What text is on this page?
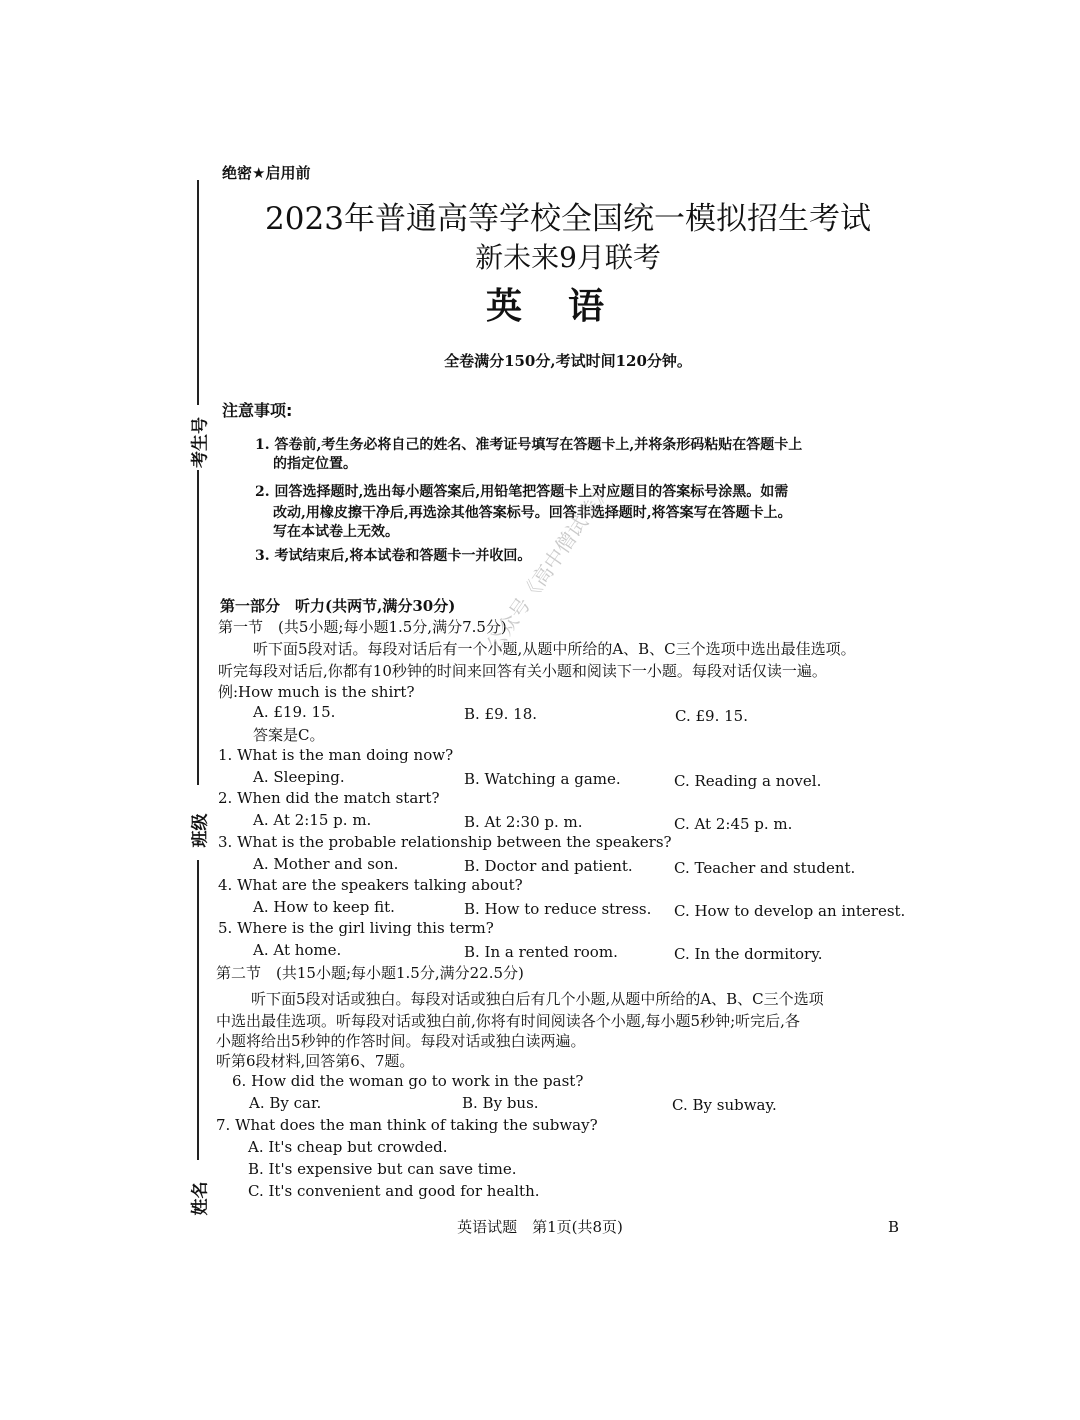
考生号
班级
姓名
绝密★启用前
2023年普通高等学校全国统一模拟招生考试
新未来9月联考
英语
全卷满分150分,考试时间120分钟。
注意事项:
1. 答卷前,考生务必将自己的姓名、准考证号填写在答题卡上,并将条形码粘贴在答题卡上
的指定位置。
2. 回答选择题时,选出每小题答案后,用铅笔把答题卡上对应题目的答案标号涂黑。如需
改动,用橡皮擦干净后,再选涂其他答案标号。回答非选择题时,将答案写在答题卡上。
写在本试卷上无效。
3. 考试结束后,将本试卷和答题卡一并收回。
第一部分　听力(共两节,满分30分)
第一节　(共5小题;每小题1.5分,满分7.5分)
听下面5段对话。每段对话后有一个小题,从题中所给的A、B、C三个选项中选出最佳选项。
听完每段对话后,你都有10秒钟的时间来回答有关小题和阅读下一小题。每段对话仅读一遍。
例:How much is the shirt?
A. £19. 15.	B. £9. 18.	C. £9. 15.
答案是C。
1. What is the man doing now?
A. Sleeping.	B. Watching a game.	C. Reading a novel.
2. When did the match start?
A. At 2:15 p. m.	B. At 2:30 p. m.	C. At 2:45 p. m.
3. What is the probable relationship between the speakers?
A. Mother and son.	B. Doctor and patient.	C. Teacher and student.
4. What are the speakers talking about?
A. How to keep fit.	B. How to reduce stress. C. How to develop an interest.
5. Where is the girl living this term?
A. At home.	B. In a rented room.	C. In the dormitory.
第二节　(共15小题;每小题1.5分,满分22.5分)
听下面5段对话或独白。每段对话或独白后有几个小题,从题中所给的A、B、C三个选项
中选出最佳选项。听每段对话或独白前,你将有时间阅读各个小题,每小题5秒钟;听完后,各
小题将给出5秒钟的作答时间。每段对话或独白读两遍。
听第6段材料,回答第6、7题。
6. How did the woman go to work in the past?
A. By car.	B. By bus.	C. By subway.
7. What does the man think of taking the subway?
A. It's cheap but crowded.
B. It's expensive but can save time.
C. It's convenient and good for health.
英语试题　第1页(共8页)	B
公众号《高中僧试卷》
